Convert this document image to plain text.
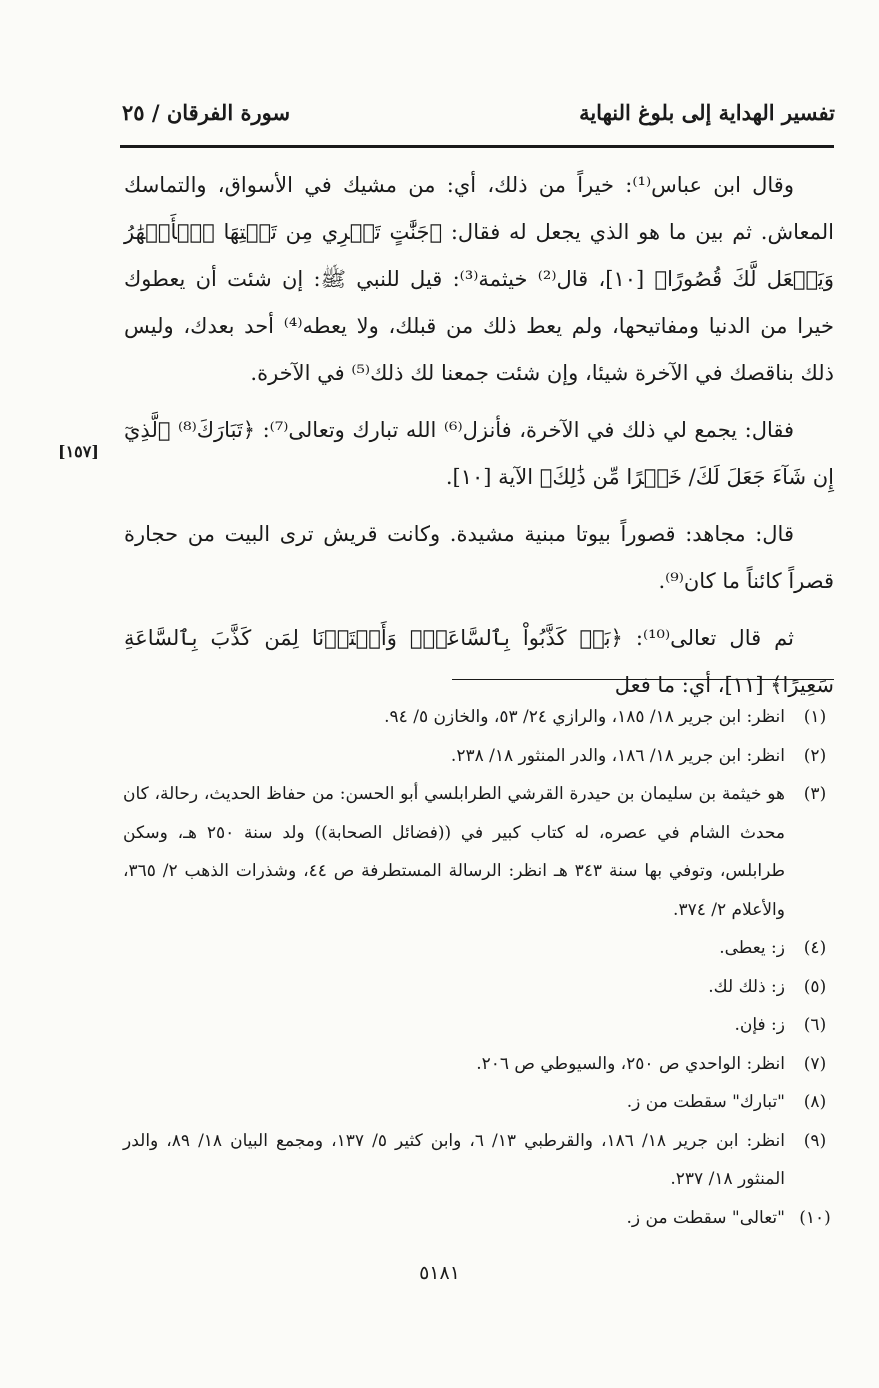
تفسير الهداية إلى بلوغ النهاية
سورة الفرقان / ٢٥

وقال ابن عباس⁽¹⁾: خيراً من ذلك، أي: من مشيك في الأسواق، والتماسك المعاش. ثم بين ما هو الذي يجعل له فقال: ﴿جَنَّٰتٍ تَجۡرِي مِن تَحۡتِهَا ٱلۡأَنۡهَٰرُ وَيَجۡعَل لَّكَ قُصُورًا﴾ [١٠]، قال⁽²⁾ خيثمة⁽³⁾: قيل للنبي ﷺ: إن شئت أن يعطوك خيرا من الدنيا ومفاتيحها، ولم يعط ذلك من قبلك، ولا يعطه⁽⁴⁾ أحد بعدك، وليس ذلك بناقصك في الآخرة شيئا، وإن شئت جمعنا لك ذلك⁽⁵⁾ في الآخرة.

فقال: يجمع لي ذلك في الآخرة، فأنزل⁽⁶⁾ الله تبارك وتعالى⁽⁷⁾: ﴿تَبَارَكَ⁽⁸⁾ ٱلَّذِيٓ إِن شَآءَ جَعَلَ لَكَ/ خَيۡرًا مِّن ذَٰلِكَ﴾ الآية [١٠].

قال: مجاهد: قصوراً بيوتا مبنية مشيدة. وكانت قريش ترى البيت من حجارة قصراً كائناً ما كان⁽⁹⁾.

ثم قال تعالى⁽¹⁰⁾: ﴿بَلۡ كَذَّبُواْ بِٱلسَّاعَةِۖ وَأَعۡتَدۡنَا لِمَن كَذَّبَ بِٱلسَّاعَةِ سَعِيرًا﴾ [١١]، أي: ما فعل

[١٥٧]
(١)
انظر: ابن جرير ١٨/ ١٨٥، والرازي ٢٤/ ٥٣، والخازن ٥/ ٩٤.
(٢)
انظر: ابن جرير ١٨/ ١٨٦، والدر المنثور ١٨/ ٢٣٨.
(٣)
هو خيثمة بن سليمان بن حيدرة القرشي الطرابلسي أبو الحسن: من حفاظ الحديث، رحالة، كان محدث الشام في عصره، له كتاب كبير في ((فضائل الصحابة)) ولد سنة ٢٥٠ هـ، وسكن طرابلس، وتوفي بها سنة ٣٤٣ هـ انظر: الرسالة المستطرفة ص ٤٤، وشذرات الذهب ٢/ ٣٦٥، والأعلام ٢/ ٣٧٤.
(٤)
ز: يعطى.
(٥)
ز: ذلك لك.
(٦)
ز: فإن.
(٧)
انظر: الواحدي ص ٢٥٠، والسيوطي ص ٢٠٦.
(٨)
"تبارك" سقطت من ز.
(٩)
انظر: ابن جرير ١٨/ ١٨٦، والقرطبي ١٣/ ٦، وابن كثير ٥/ ١٣٧، ومجمع البيان ١٨/ ٨٩، والدر المنثور ١٨/ ٢٣٧.
(١٠)
"تعالى" سقطت من ز.
٥١٨١
